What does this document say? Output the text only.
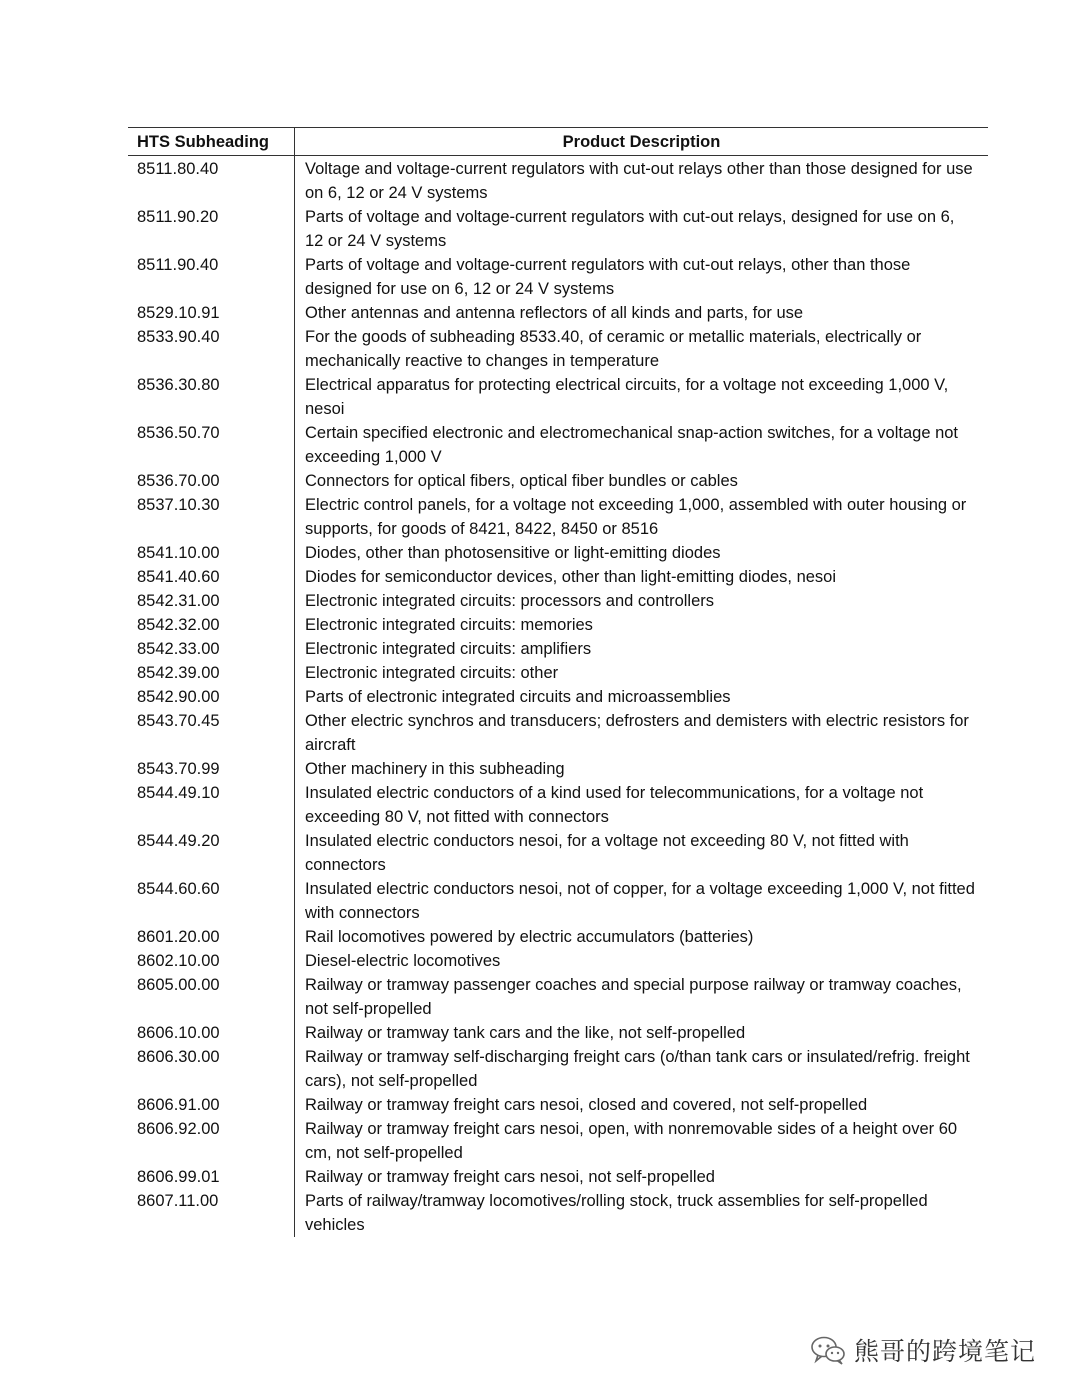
HTS Subheading	Product Description
8511.80.40	Voltage and voltage-current regulators with cut-out relays other than those designed for use on 6, 12 or 24 V systems
8511.90.20	Parts of voltage and voltage-current regulators with cut-out relays, designed for use on 6, 12 or 24 V systems
8511.90.40	Parts of voltage and voltage-current regulators with cut-out relays, other than those designed for use on 6, 12 or 24 V systems
8529.10.91	Other antennas and antenna reflectors of all kinds and parts, for use
8533.90.40	For the goods of subheading 8533.40, of ceramic or metallic materials, electrically or mechanically reactive to changes in temperature
8536.30.80	Electrical apparatus for protecting electrical circuits, for a voltage not exceeding 1,000 V, nesoi
8536.50.70	Certain specified electronic and electromechanical snap-action switches, for a voltage not exceeding 1,000 V
8536.70.00	Connectors for optical fibers, optical fiber bundles or cables
8537.10.30	Electric control panels, for a voltage not exceeding 1,000, assembled with outer housing or supports, for goods of 8421, 8422, 8450 or 8516
8541.10.00	Diodes, other than photosensitive or light-emitting diodes
8541.40.60	Diodes for semiconductor devices, other than light-emitting diodes, nesoi
8542.31.00	Electronic integrated circuits: processors and controllers
8542.32.00	Electronic integrated circuits: memories
8542.33.00	Electronic integrated circuits: amplifiers
8542.39.00	Electronic integrated circuits: other
8542.90.00	Parts of electronic integrated circuits and microassemblies
8543.70.45	Other electric synchros and transducers; defrosters and demisters with electric resistors for aircraft
8543.70.99	Other machinery in this subheading
8544.49.10	Insulated electric conductors of a kind used for telecommunications, for a voltage not exceeding 80 V, not fitted with connectors
8544.49.20	Insulated electric conductors nesoi, for a voltage not exceeding 80 V, not fitted with connectors
8544.60.60	Insulated electric conductors nesoi, not of copper, for a voltage exceeding 1,000 V, not fitted with connectors
8601.20.00	Rail locomotives powered by electric accumulators (batteries)
8602.10.00	Diesel-electric locomotives
8605.00.00	Railway or tramway passenger coaches and special purpose railway or tramway coaches, not self-propelled
8606.10.00	Railway or tramway tank cars and the like, not self-propelled
8606.30.00	Railway or tramway self-discharging freight cars (o/than tank cars or insulated/refrig. freight cars), not self-propelled
8606.91.00	Railway or tramway freight cars nesoi, closed and covered, not self-propelled
8606.92.00	Railway or tramway freight cars nesoi, open, with nonremovable sides of a height over 60 cm, not self-propelled
8606.99.01	Railway or tramway freight cars nesoi, not self-propelled
8607.11.00	Parts of railway/tramway locomotives/rolling stock, truck assemblies for self-propelled vehicles
熊哥的跨境笔记
